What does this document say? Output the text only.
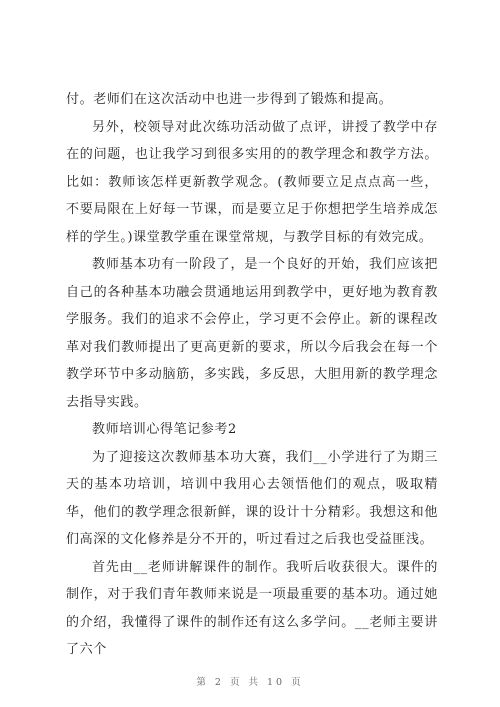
付。老师们在这次活动中也进一步得到了锻炼和提高。

另外，校领导对此次练功活动做了点评，讲授了教学中存在的问题，也让我学习到很多实用的的教学理念和教学方法。比如：教师该怎样更新教学观念。(教师要立足点点高一些，不要局限在上好每一节课，而是要立足于你想把学生培养成怎样的学生。)课堂教学重在课堂常规，与教学目标的有效完成。

教师基本功有一阶段了，是一个良好的开始，我们应该把自己的各种基本功融会贯通地运用到教学中，更好地为教育教学服务。我们的追求不会停止，学习更不会停止。新的课程改革对我们教师提出了更高更新的要求，所以今后我会在每一个教学环节中多动脑筋，多实践，多反思，大胆用新的教学理念去指导实践。

教师培训心得笔记参考2

为了迎接这次教师基本功大赛，我们__小学进行了为期三天的基本功培训，培训中我用心去领悟他们的观点，吸取精华，他们的教学理念很新鲜，课的设计十分精彩。我想这和他们高深的文化修养是分不开的，听过看过之后我也受益匪浅。

首先由__老师讲解课件的制作。我听后收获很大。课件的制作，对于我们青年教师来说是一项最重要的基本功。通过她的介绍，我懂得了课件的制作还有这么多学问。__老师主要讲了六个

第 2 页 共 10 页
